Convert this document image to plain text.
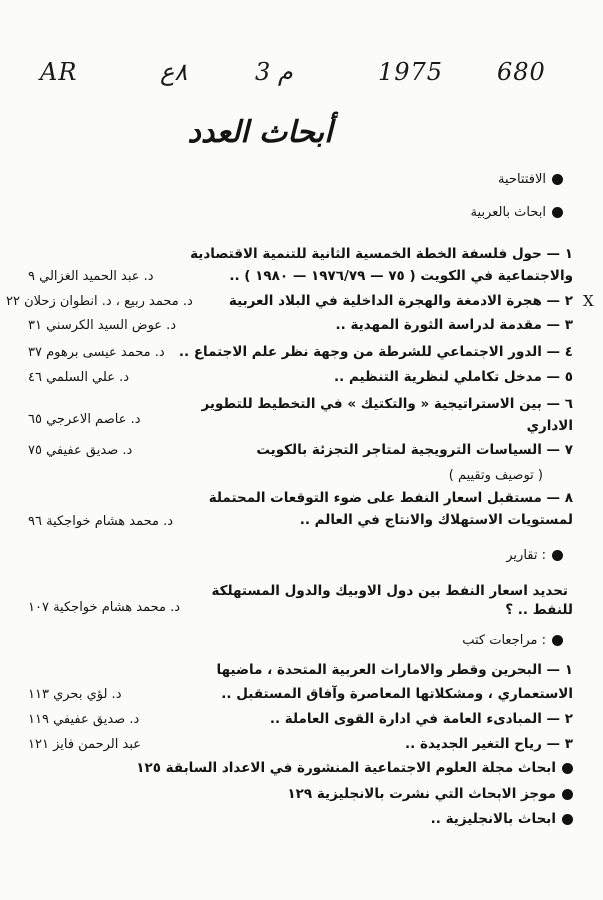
AR	٨ع	3 م	1975 680
أبحاث العدد
الافتتاحية
ابحاث بالعربية
١ — حول فلسفة الخطة الخمسية الثانية للتنمية الاقتصادية
والاجتماعية في الكويت ( ٧٥ — ١٩٧٦/٧٩ — ١٩٨٠ ) ..
د. عبد الحميد الغزالي ٩
٢ — هجرة الادمغة والهجرة الداخلية في البلاد العربية
د. محمد ربيع ، د. انطوان زحلان ٢٢	X
٣ — مقدمة لدراسة الثورة المهدية ..
د. عوض السيد الكرسني ٣١
٤ — الدور الاجتماعي للشرطة من وجهة نظر علم الاجتماع ..
د. محمد عيسى برهوم ٣٧
٥ — مدخل تكاملي لنظرية التنظيم ..
د. علي السلمي ٤٦
٦ — بين الاستراتيجية « والتكتيك » في التخطيط للتطوير
الاداري
د. عاصم الاعرجي ٦٥
٧ — السياسات الترويجية لمتاجر التجزئة بالكويت
د. صديق عفيفي ٧٥
( توصيف وتقييم )
٨ — مستقبل اسعار النفط على ضوء التوقعات المحتملة
لمستويات الاستهلاك والانتاج في العالم ..
د. محمد هشام خواجكية ٩٦
: تقارير
تحديد اسعار النفط بين دول الاوبيك والدول المستهلكة
للنفط .. ؟
د. محمد هشام خواجكية ١٠٧
: مراجعات كتب
١ — البحرين وقطر والامارات العربية المتحدة ، ماضيها
الاستعماري ، ومشكلاتها المعاصرة وآفاق المستقبل ..
د. لؤي بحري ١١٣
٢ — المبادىء العامة في ادارة القوى العاملة ..
د. صديق عفيفي ١١٩
٣ — رياح التغير الجديدة ..
عبد الرحمن فايز ١٢١
ابحاث مجلة العلوم الاجتماعية المنشورة في الاعداد السابقة ١٢٥
موجز الابحاث التي نشرت بالانجليزية ١٢٩
ابحاث بالانجليزية ..
